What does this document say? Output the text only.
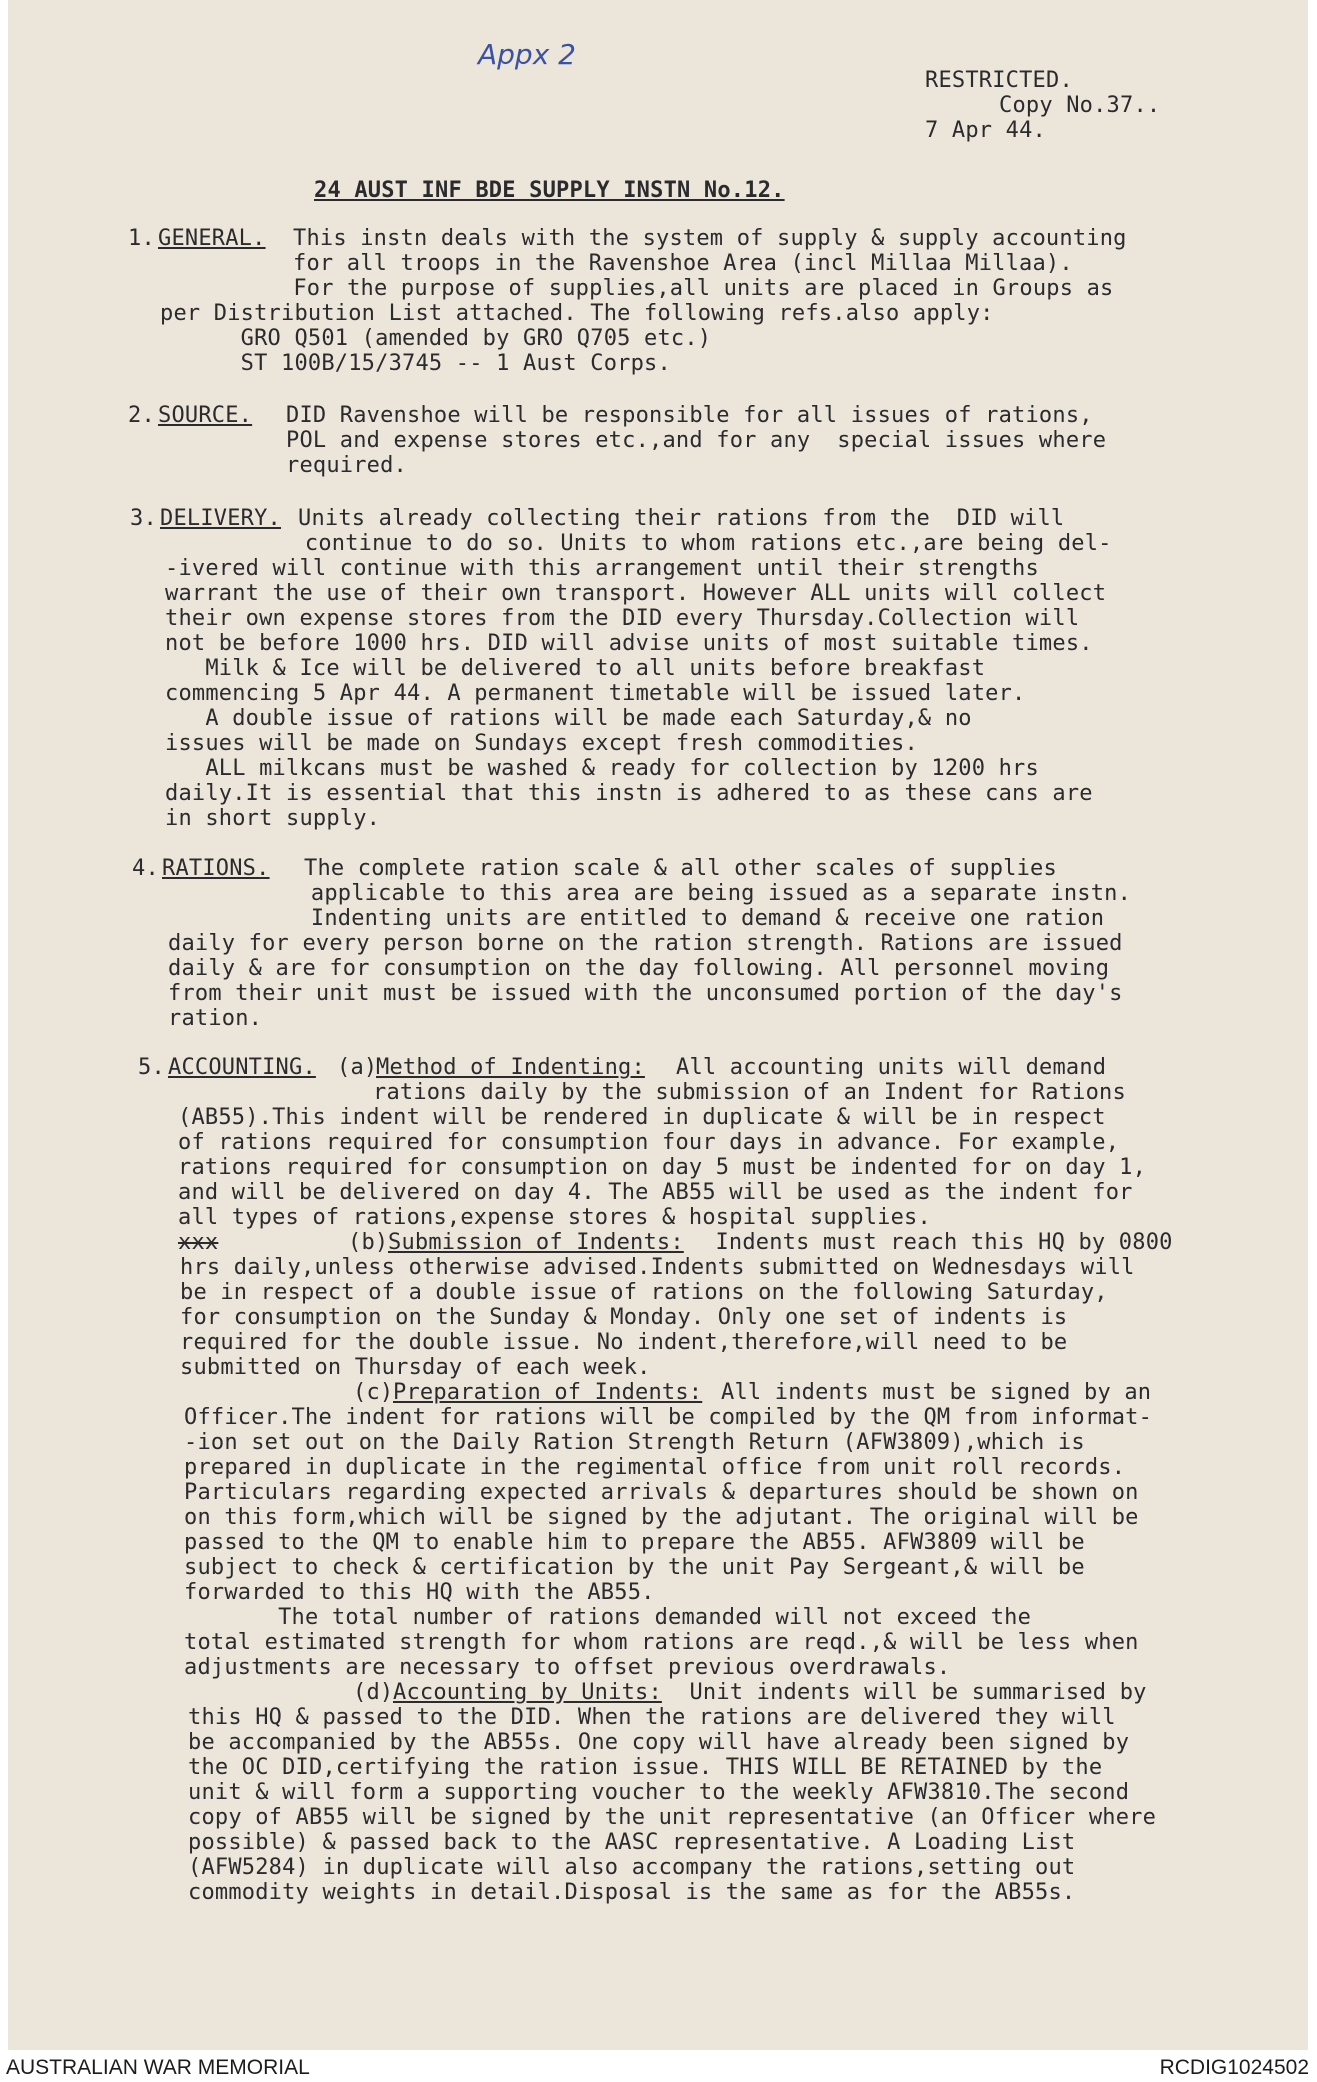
Appx 2
RESTRICTED.
Copy No.37..
7 Apr 44.
24 AUST INF BDE SUPPLY INSTN No.12.
1. GENERAL. This instn deals with the system of supply & supply accounting
for all troops in the Ravenshoe Area (incl Millaa Millaa).
For the purpose of supplies,all units are placed in Groups as
per Distribution List attached. The following refs.also apply:
GRO Q501 (amended by GRO Q705 etc.)
ST 100B/15/3745 -- 1 Aust Corps.
2. SOURCE. DID Ravenshoe will be responsible for all issues of rations,
POL and expense stores etc.,and for any  special issues where
required.
3. DELIVERY. Units already collecting their rations from the  DID will
continue to do so. Units to whom rations etc.,are being del-
-ivered will continue with this arrangement until their strengths
warrant the use of their own transport. However ALL units will collect
their own expense stores from the DID every Thursday.Collection will
not be before 1000 hrs. DID will advise units of most suitable times.
Milk & Ice will be delivered to all units before breakfast
commencing 5 Apr 44. A permanent timetable will be issued later.
A double issue of rations will be made each Saturday,& no
issues will be made on Sundays except fresh commodities.
ALL milkcans must be washed & ready for collection by 1200 hrs
daily.It is essential that this instn is adhered to as these cans are
in short supply.
4. RATIONS. The complete ration scale & all other scales of supplies
applicable to this area are being issued as a separate instn.
Indenting units are entitled to demand & receive one ration
daily for every person borne on the ration strength. Rations are issued
daily & are for consumption on the day following. All personnel moving
from their unit must be issued with the unconsumed portion of the day's
ration.
5. ACCOUNTING. (a)
Method of Indenting: All accounting units will demand
rations daily by the submission of an Indent for Rations
(AB55).This indent will be rendered in duplicate & will be in respect
of rations required for consumption four days in advance. For example,
rations required for consumption on day 5 must be indented for on day 1,
and will be delivered on day 4. The AB55 will be used as the indent for
all types of rations,expense stores & hospital supplies.
xxx	(b) Submission of Indents: Indents must reach this HQ by 0800
hrs daily,unless otherwise advised.Indents submitted on Wednesdays will
be in respect of a double issue of rations on the following Saturday,
for consumption on the Sunday & Monday. Only one set of indents is
required for the double issue. No indent,therefore,will need to be
submitted on Thursday of each week.
(c) Preparation of Indents: All indents must be signed by an
Officer.The indent for rations will be compiled by the QM from informat-
-ion set out on the Daily Ration Strength Return (AFW3809),which is
prepared in duplicate in the regimental office from unit roll records.
Particulars regarding expected arrivals & departures should be shown on
on this form,which will be signed by the adjutant. The original will be
passed to the QM to enable him to prepare the AB55. AFW3809 will be
subject to check & certification by the unit Pay Sergeant,& will be
forwarded to this HQ with the AB55.
The total number of rations demanded will not exceed the
total estimated strength for whom rations are reqd.,& will be less when
adjustments are necessary to offset previous overdrawals.
(d) Accounting by Units: Unit indents will be summarised by
this HQ & passed to the DID. When the rations are delivered they will
be accompanied by the AB55s. One copy will have already been signed by
the OC DID,certifying the ration issue. THIS WILL BE RETAINED by the
unit & will form a supporting voucher to the weekly AFW3810.The second
copy of AB55 will be signed by the unit representative (an Officer where
possible) & passed back to the AASC representative. A Loading List
(AFW5284) in duplicate will also accompany the rations,setting out
commodity weights in detail.Disposal is the same as for the AB55s.
AUSTRALIAN WAR MEMORIAL	RCDIG1024502
